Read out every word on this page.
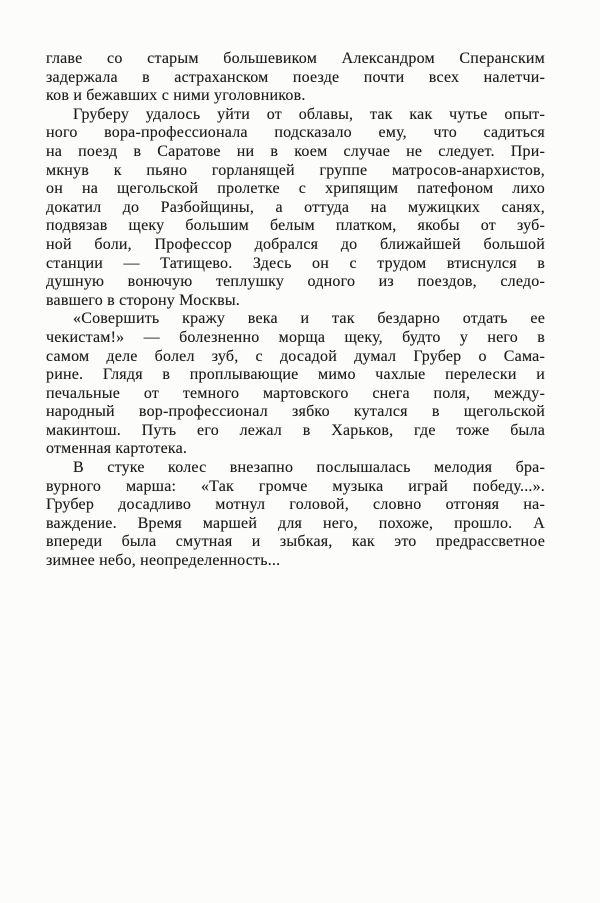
главе со старым большевиком Александром Сперанским
задержала в астраханском поезде почти всех налетчи-
ков и бежавших с ними уголовников.
Груберу удалось уйти от облавы, так как чутье опыт-
ного вора-профессионала подсказало ему, что садиться
на поезд в Саратове ни в коем случае не следует. При-
мкнув к пьяно горланящей группе матросов-анархистов,
он на щегольской пролетке с хрипящим патефоном лихо
докатил до Разбойщины, а оттуда на мужицких санях,
подвязав щеку большим белым платком, якобы от зуб-
ной боли, Профессор добрался до ближайшей большой
станции — Татищево. Здесь он с трудом втиснулся в
душную вонючую теплушку одного из поездов, следо-
вавшего в сторону Москвы.
«Совершить кражу века и так бездарно отдать ее
чекистам!» — болезненно морща щеку, будто у него в
самом деле болел зуб, с досадой думал Грубер о Сама-
рине. Глядя в проплывающие мимо чахлые перелески и
печальные от темного мартовского снега поля, между-
народный вор-профессионал зябко кутался в щегольской
макинтош. Путь его лежал в Харьков, где тоже была
отменная картотека.
В стуке колес внезапно послышалась мелодия бра-
вурного марша: «Так громче музыка играй победу...».
Грубер досадливо мотнул головой, словно отгоняя на-
важдение. Время маршей для него, похоже, прошло. А
впереди была смутная и зыбкая, как это предрассветное
зимнее небо, неопределенность...
